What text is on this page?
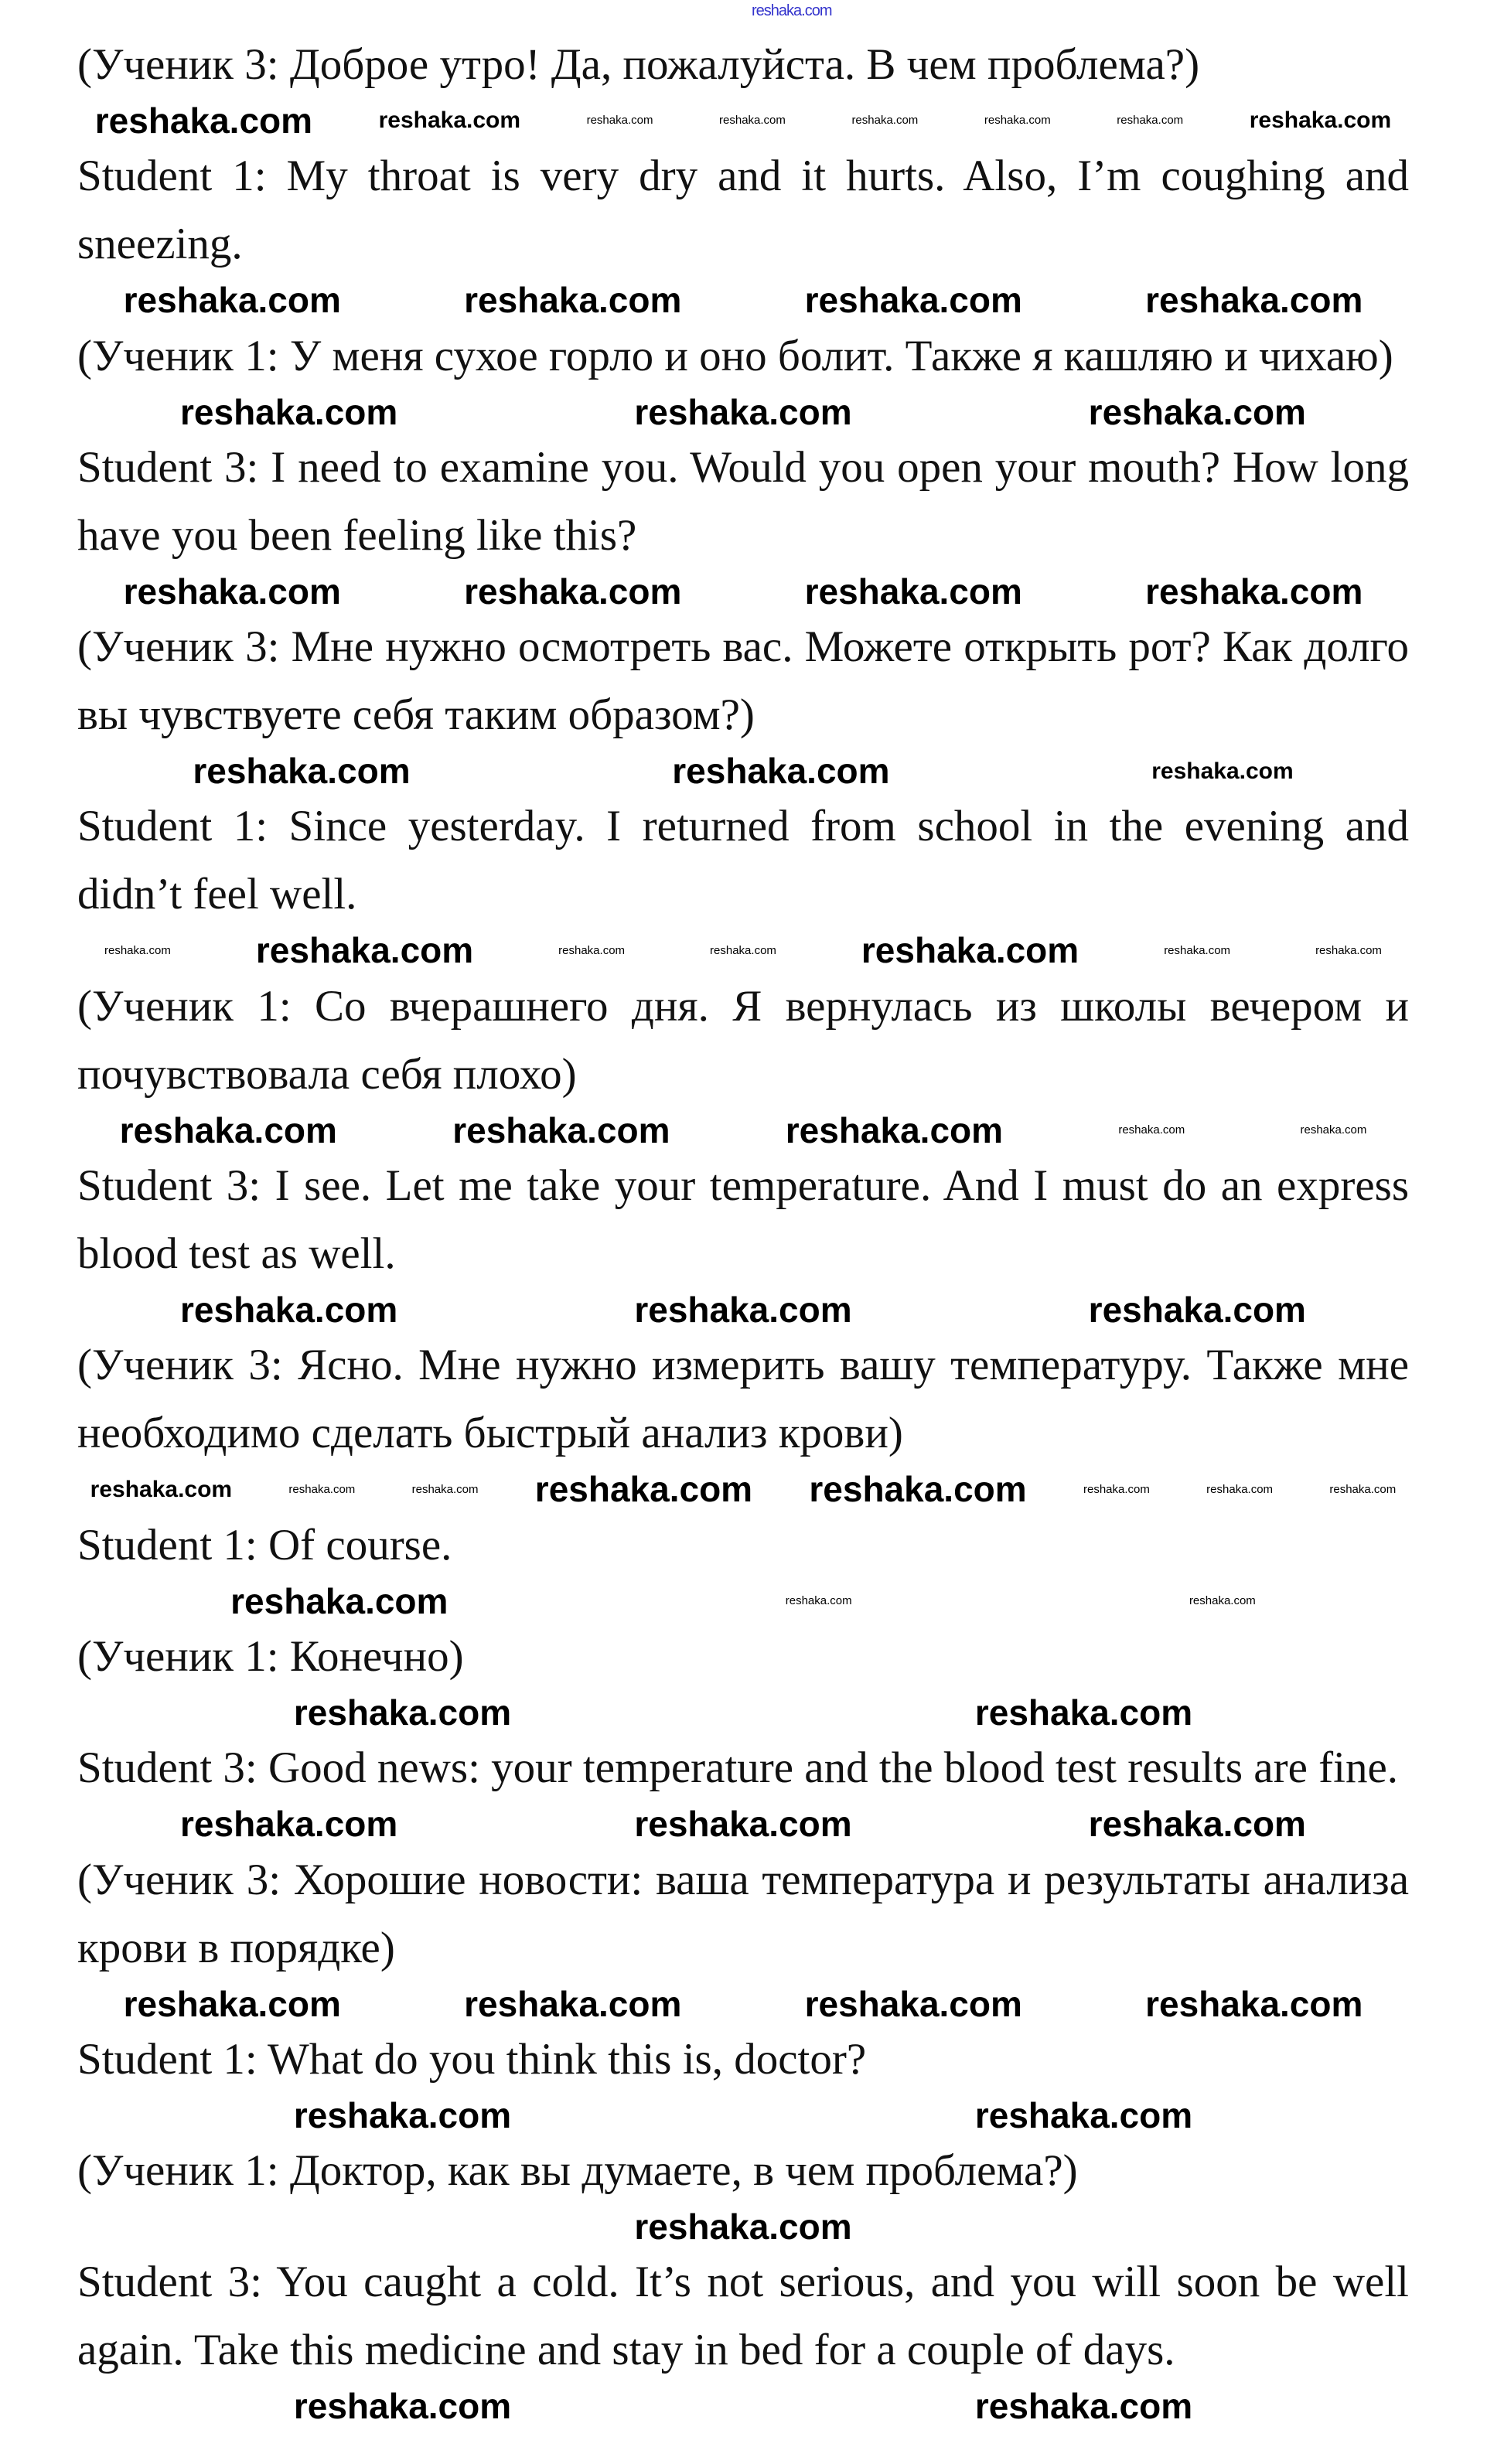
reshaka.com

(Ученик 3: Доброе утро! Да, пожалуйста. В чем проблема?)

reshaka.com	reshaka.com	reshaka.com	reshaka.com	reshaka.com	reshaka.com	reshaka.com	reshaka.com

Student 1: My throat is very dry and it hurts. Also, I’m coughing and sneezing.

reshaka.com	reshaka.com	reshaka.com	reshaka.com

(Ученик 1: У меня сухое горло и оно болит. Также я кашляю и чихаю)

reshaka.com	reshaka.com	reshaka.com

Student 3: I need to examine you. Would you open your mouth? How long have you been feeling like this?

reshaka.com	reshaka.com	reshaka.com	reshaka.com

(Ученик 3: Мне нужно осмотреть вас. Можете открыть рот? Как долго вы чувствуете себя таким образом?)

reshaka.com	reshaka.com	reshaka.com

Student 1: Since yesterday. I returned from school in the evening and didn’t feel well.

reshaka.com reshaka.com	reshaka.com	reshaka.com reshaka.com	reshaka.com	reshaka.com

(Ученик 1: Со вчерашнего дня. Я вернулась из школы вечером и почувствовала себя плохо)

reshaka.com	reshaka.com	reshaka.com	reshaka.com	reshaka.com

Student 3: I see. Let me take your temperature. And I must do an express blood test as well.

reshaka.com	reshaka.com	reshaka.com

(Ученик 3: Ясно. Мне нужно измерить вашу температуру. Также мне необходимо сделать быстрый анализ крови)

reshaka.com	reshaka.com	reshaka.com reshaka.com reshaka.com	reshaka.com	reshaka.com	reshaka.com

Student 1: Of course.

reshaka.com	reshaka.com	reshaka.com

(Ученик 1: Конечно)

reshaka.com	reshaka.com

Student 3: Good news: your temperature and the blood test results are fine.

reshaka.com	reshaka.com	reshaka.com

(Ученик 3: Хорошие новости: ваша температура и результаты анализа крови в порядке)

reshaka.com	reshaka.com	reshaka.com	reshaka.com

Student 1: What do you think this is, doctor?

reshaka.com	reshaka.com

(Ученик 1: Доктор, как вы думаете, в чем проблема?)

reshaka.com

Student 3: You caught a cold. It’s not serious, and you will soon be well again. Take this medicine and stay in bed for a couple of days.

reshaka.com	reshaka.com
